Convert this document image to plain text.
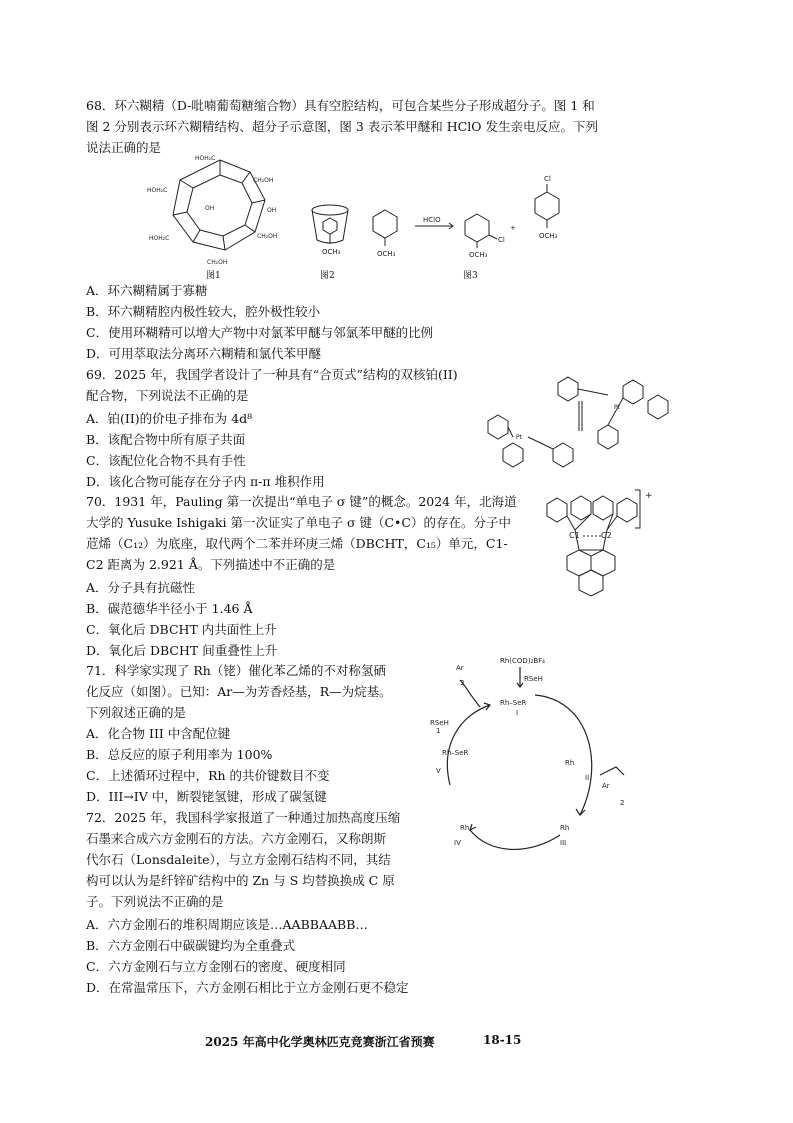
68．环六糊精（D-吡喃葡萄糖缩合物）具有空腔结构，可包合某些分子形成超分子。图 1 和
图 2 分别表示环六糊精结构、超分子示意图，图 3 表示苯甲醚和 HClO 发生亲电反应。下列
说法正确的是
HOH₂C
CH₂OH
HOH₂C
OH
HOH₂C	CH₂OH
CH₂OH
OH
图1
OCH₃
图2
OCH₃	OCH₃
Cl
+
Cl
OCH₃
HClO
图3
A．环六糊精属于寡糖
B．环六糊精腔内极性较大，腔外极性较小
C．使用环糊精可以增大产物中对氯苯甲醚与邻氯苯甲醚的比例
D．可用萃取法分离环六糊精和氯代苯甲醚
69．2025 年，我国学者设计了一种具有“合页式”结构的双核铂(II)
配合物，下列说法不正确的是
A．铂(II)的价电子排布为 4d⁸
B．该配合物中所有原子共面
C．该配位化合物不具有手性
D．该化合物可能存在分子内 π-π 堆积作用
Pt
Pt
70．1931 年，Pauling 第一次提出“单电子 σ 键”的概念。2024 年，北海道
大学的 Yusuke Ishigaki 第一次证实了单电子 σ 键（C•C）的存在。分子中
苊烯（C₁₂）为底座，取代两个二苯并环庚三烯（DBCHT，C₁₅）单元，C1-
C2 距离为 2.921 Å。下列描述中不正确的是
A．分子具有抗磁性
B．碳范德华半径小于 1.46 Å
C．氧化后 DBCHT 内共面性上升
D．氧化后 DBCHT 间重叠性上升
C1	C2
+
71．科学家实现了 Rh（铑）催化苯乙烯的不对称氢硒
化反应（如图）。已知：Ar—为芳香烃基，R—为烷基。
下列叙述正确的是
A．化合物 III 中含配位键
B．总反应的原子利用率为 100%
C．上述循环过程中，Rh 的共价键数目不变
D．III→IV 中，断裂铑氢键，形成了碳氢键
Rh–SeR
Rh
Rh
Rh
Rh–SeR
Ar
Ar
Rh(COD)₂BF₄
RSeH
RSeH
I
II
III
IV
V
1
2
3
72．2025 年，我国科学家报道了一种通过加热高度压缩
石墨来合成六方金刚石的方法。六方金刚石，又称朗斯
代尔石（Lonsdaleite），与立方金刚石结构不同，其结
构可以认为是纤锌矿结构中的 Zn 与 S 均替换换成 C 原
子。下列说法不正确的是
A．六方金刚石的堆积周期应该是…AABBAABB…
B．六方金刚石中碳碳键均为全重叠式
C．六方金刚石与立方金刚石的密度、硬度相同
D．在常温常压下，六方金刚石相比于立方金刚石更不稳定
2025 年高中化学奥林匹克竞赛浙江省预赛	18-15
